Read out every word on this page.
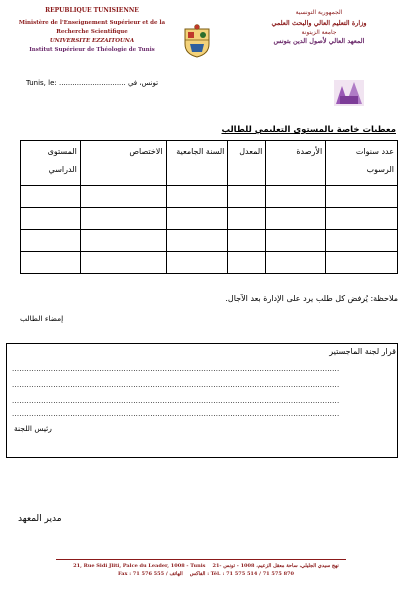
REPUBLIQUE TUNISIENNE
Ministère de l'Enseignement Supérieur et de la
Recherche Scientifique
UNIVERSITE EZZAITOUNA
Institut Supérieur de Théologie de Tunis
الجمهورية التونسية
وزارة التعليم العالي والبحث العلمي
جامعة الزيتونة
المعهد العالي لأصول الدين بتونس
Tunis, le: .............................. تونس، في
معطيات خاصة بالمستوى التعليمي للطالب
المستوى الدراسي	الاختصاص	السنة الجامعية	المعدل	الأرصدة	عدد سنوات الرسوب

ملاحظة: يُرفض كل طلب يرد على الإدارة بعد الآجال.
إمضاء الطالب
قرار لجنة الماجستير
.......................................................................................................................................
.......................................................................................................................................
.......................................................................................................................................
.......................................................................................................................................
رئيس اللجنة
مدير المعهد
21, Rue Sidi Jliti, Palce du Leader, 1008 - Tunis 21- نهج سيدي الجليلي، ساحة معقل الزعيم، 1008 - تونس
Fax : 71 576 555 / الفاكس    الهاتف : Tél. : 71 575 514 / 71 575 870
